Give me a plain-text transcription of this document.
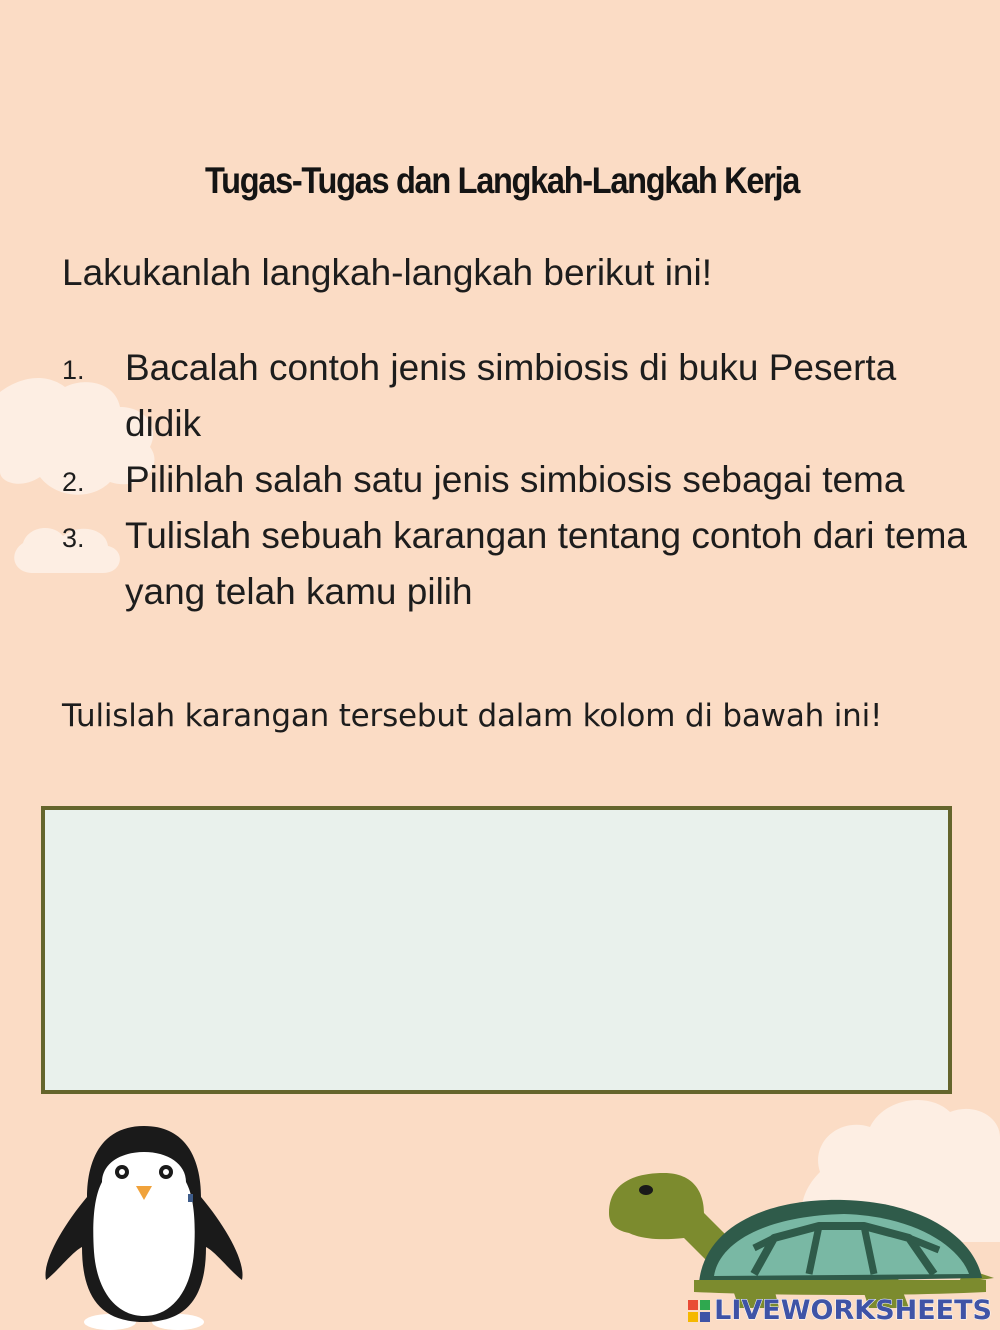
Tugas-Tugas dan Langkah-Langkah Kerja
Lakukanlah langkah-langkah berikut ini!
1. Bacalah contoh jenis simbiosis di buku Peserta didik
2. Pilihlah salah satu jenis simbiosis sebagai tema
3. Tulislah sebuah karangan tentang contoh dari tema yang telah kamu pilih
Tulislah karangan tersebut dalam kolom di bawah ini!
LIVEWORKSHEETS
